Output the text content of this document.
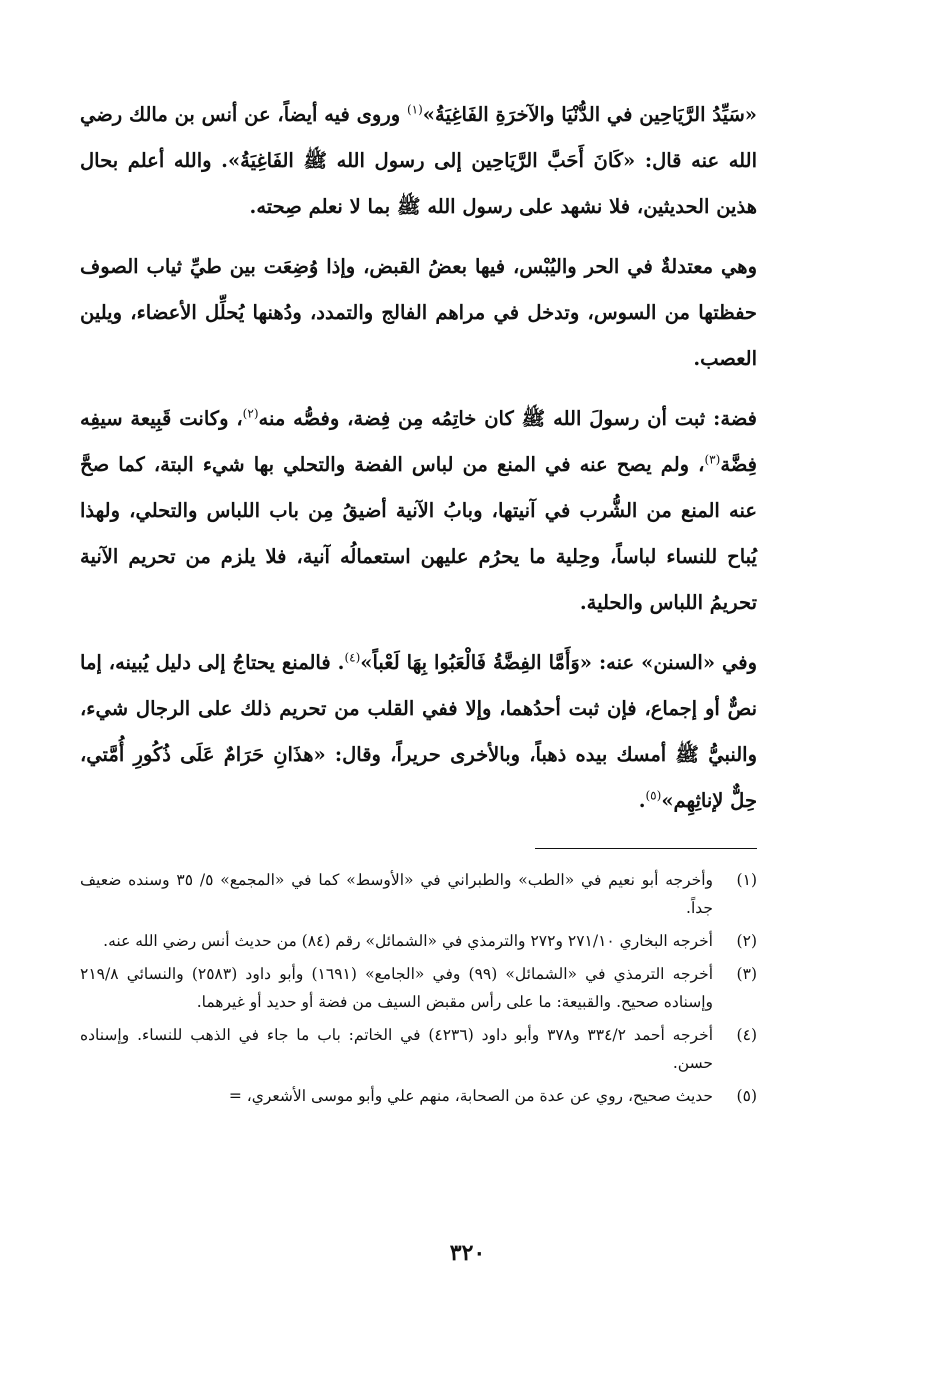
«سَيِّدُ الرَّيَاحِين في الدُّنْيَا والآخرَةِ الفَاغِيَةُ»$^{(١)}$ وروى فيه أيضاً، عن أنس بن مالك رضي الله عنه قال: «كَانَ أَحَبَّ الرَّيَاحِين إلى رسول الله ﷺ الفَاغِيَةُ». والله أعلم بحال هذين الحديثين، فلا نشهد على رسول الله ﷺ بما لا نعلم صِحته.

وهي معتدلةٌ في الحر واليُبْس، فيها بعضُ القبض، وإذا وُضِعَت بين طيِّ ثياب الصوف حفظتها من السوس، وتدخل في مراهم الفالج والتمدد، ودُهنها يُحلِّل الأعضاء، ويلين العصب.

فضة: ثبت أن رسولَ الله ﷺ كان خاتِمُه مِن فِضة، وفصُّه منه$^{(٢)}$، وكانت قَبِيعة سيفِه فِضَّة$^{(٣)}$، ولم يصح عنه في المنع من لباس الفضة والتحلي بها شيء البتة، كما صحَّ عنه المنع من الشُّرب في آنيتها، وبابُ الآنية أضيقُ مِن باب اللباس والتحلي، ولهذا يُباح للنساء لباساً، وحِلية ما يحرُم عليهن استعمالُه آنية، فلا يلزم من تحريم الآنية تحريمُ اللباس والحلية.

وفي «السنن» عنه: «وَأَمَّا الفِضَّةُ فَالْعَبُوا بِهَا لَعْباً»$^{(٤)}$. فالمنع يحتاجُ إلى دليل يُبينه، إما نصٌّ أو إجماع، فإن ثبت أحدُهما، وإلا ففي القلب من تحريم ذلك على الرجال شيء، والنبيُّ ﷺ أمسك بيده ذهباً، وبالأخرى حريراً، وقال: «هذَانِ حَرَامٌ عَلَى ذُكُورِ أُمَّتي، حِلٌّ لإناثِهِم»$^{(٥)}$.

(١)
وأخرجه أبو نعيم في «الطب» والطبراني في «الأوسط» كما في «المجمع» ٥/ ٣٥ وسنده ضعيف جداً.
(٢)
أخرجه البخاري ٢٧١/١٠ و٢٧٢ والترمذي في «الشمائل» رقم (٨٤) من حديث أنس رضي الله عنه.
(٣)
أخرجه الترمذي في «الشمائل» (٩٩) وفي «الجامع» (١٦٩١) وأبو داود (٢٥٨٣) والنسائي ٢١٩/٨ وإسناده صحيح. والقبيعة: ما على رأس مقبض السيف من فضة أو حديد أو غيرهما.
(٤)
أخرجه أحمد ٣٣٤/٢ و٣٧٨ وأبو داود (٤٢٣٦) في الخاتم: باب ما جاء في الذهب للنساء. وإسناده حسن.
(٥)
حديث صحيح، روي عن عدة من الصحابة، منهم علي وأبو موسى الأشعري، =
٣٢٠
